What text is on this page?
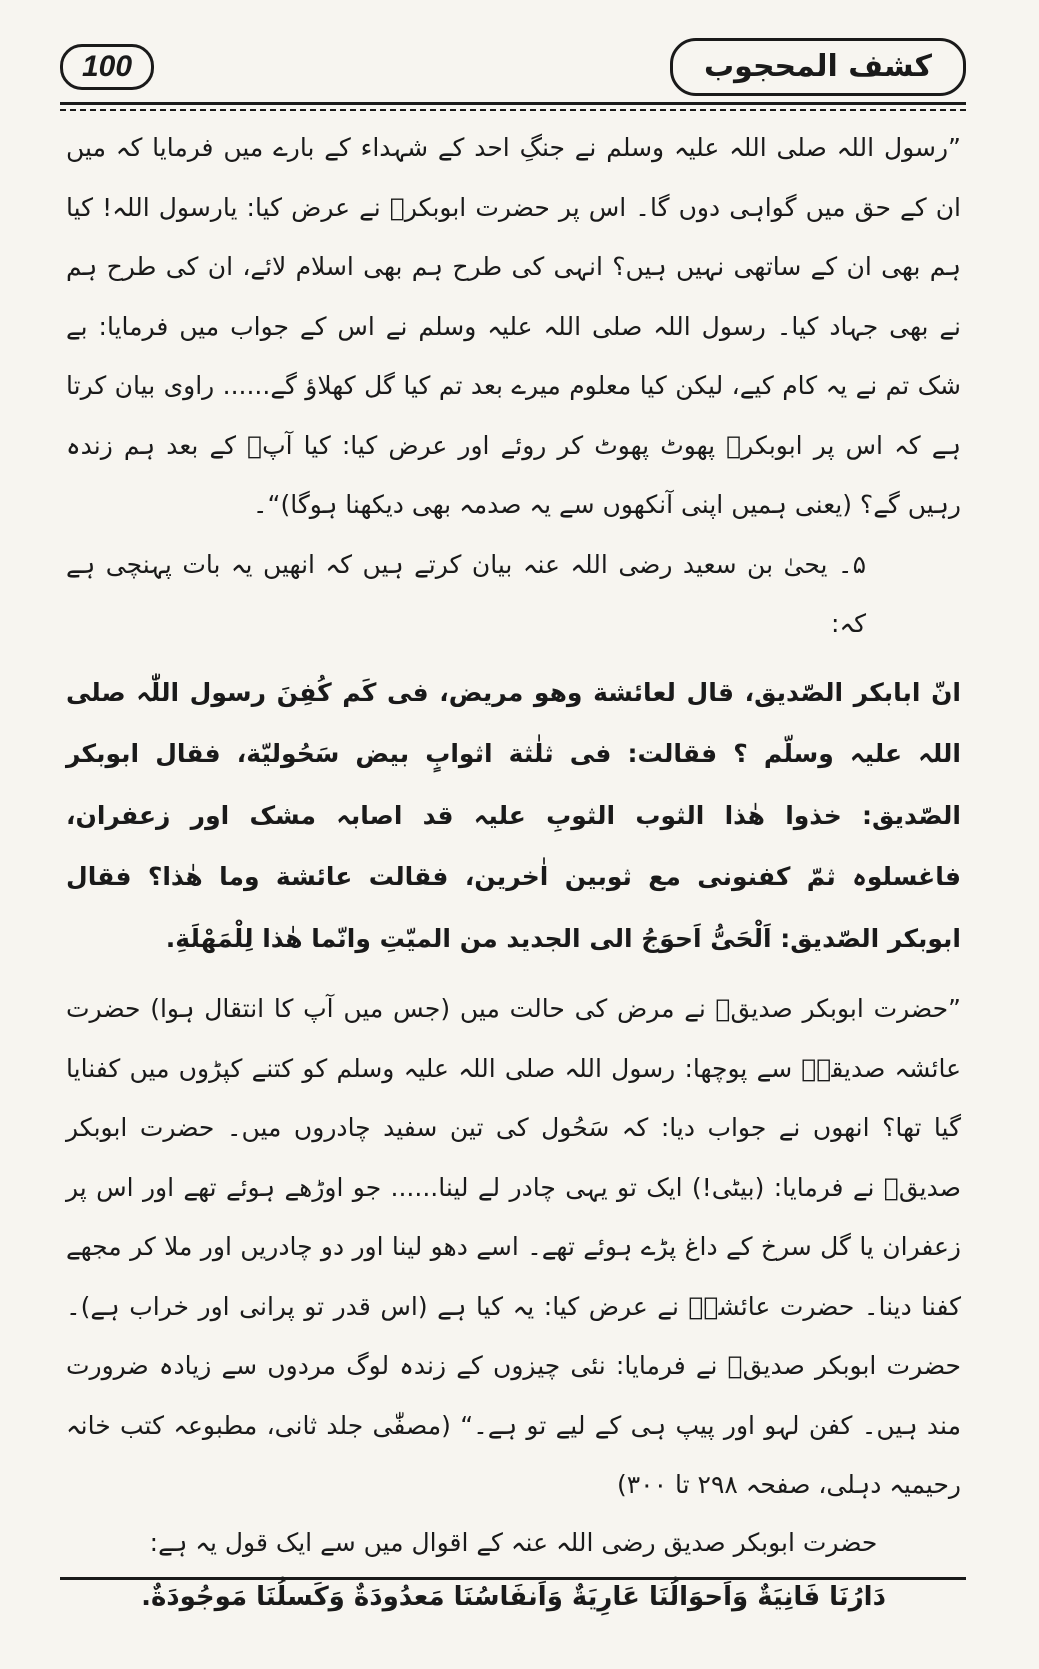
100	کشف المحجوب

”رسول اللہ صلی اللہ علیہ وسلم نے جنگِ احد کے شہداء کے بارے میں فرمایا کہ میں ان کے حق میں گواہی دوں گا۔ اس پر حضرت ابوبکرؓ نے عرض کیا: یارسول اللہ! کیا ہم بھی ان کے ساتھی نہیں ہیں؟ انہی کی طرح ہم بھی اسلام لائے، ان کی طرح ہم نے بھی جہاد کیا۔ رسول اللہ صلی اللہ علیہ وسلم نے اس کے جواب میں فرمایا: بے شک تم نے یہ کام کیے، لیکن کیا معلوم میرے بعد تم کیا گل کھلاؤ گے...... راوی بیان کرتا ہے کہ اس پر ابوبکرؓ پھوٹ پھوٹ کر روئے اور عرض کیا: کیا آپؐ کے بعد ہم زندہ رہیں گے؟ (یعنی ہمیں اپنی آنکھوں سے یہ صدمہ بھی دیکھنا ہوگا)“۔

۵۔ یحیٰ بن سعید رضی اللہ عنہ بیان کرتے ہیں کہ انھیں یہ بات پہنچی ہے کہ:

انّ ابابکر الصّدیق، قال لعائشة وھو مریض، فی کَم کُفِنَ رسول اللّٰہ صلی اللہ علیہ وسلّم ؟ فقالت: فی ثلٰثة اثوابٍ بیض سَحُولیّة، فقال ابوبکر الصّدیق: خذوا ھٰذا الثوب الثوبِ علیہ قد اصابہ مشک اور زعفران، فاغسلوہ ثمّ کفنونی مع ثوبین اٰخرین، فقالت عائشة وما ھٰذا؟ فقال ابوبکر الصّدیق: اَلْحَیُّ اَحوَجُ الی الجدید من المیّتِ وانّما ھٰذا لِلْمَھْلَةِ.

”حضرت ابوبکر صدیقؓ نے مرض کی حالت میں (جس میں آپ کا انتقال ہوا) حضرت عائشہ صدیقہؓ سے پوچھا: رسول اللہ صلی اللہ علیہ وسلم کو کتنے کپڑوں میں کفنایا گیا تھا؟ انھوں نے جواب دیا: کہ سَحُول کی تین سفید چادروں میں۔ حضرت ابوبکر صدیقؓ نے فرمایا: (بیٹی!) ایک تو یہی چادر لے لینا...... جو اوڑھے ہوئے تھے اور اس پر زعفران یا گل سرخ کے داغ پڑے ہوئے تھے۔ اسے دھو لینا اور دو چادریں اور ملا کر مجھے کفنا دینا۔ حضرت عائشہؓ نے عرض کیا: یہ کیا ہے (اس قدر تو پرانی اور خراب ہے)۔ حضرت ابوبکر صدیقؓ نے فرمایا: نئی چیزوں کے زندہ لوگ مردوں سے زیادہ ضرورت مند ہیں۔ کفن لہو اور پیپ ہی کے لیے تو ہے۔“ (مصفّٰی جلد ثانی، مطبوعہ کتب خانہ رحیمیہ دہلی، صفحہ ۲۹۸ تا ۳۰۰)

حضرت ابوبکر صدیق رضی اللہ عنہ کے اقوال میں سے ایک قول یہ ہے:

دَارُنَا فَانِیَةٌ وَاَحوَالُنَا عَارِیَةٌ وَاَنفَاسُنَا مَعدُودَةٌ وَکَسلُنَا مَوجُودَةٌ.
